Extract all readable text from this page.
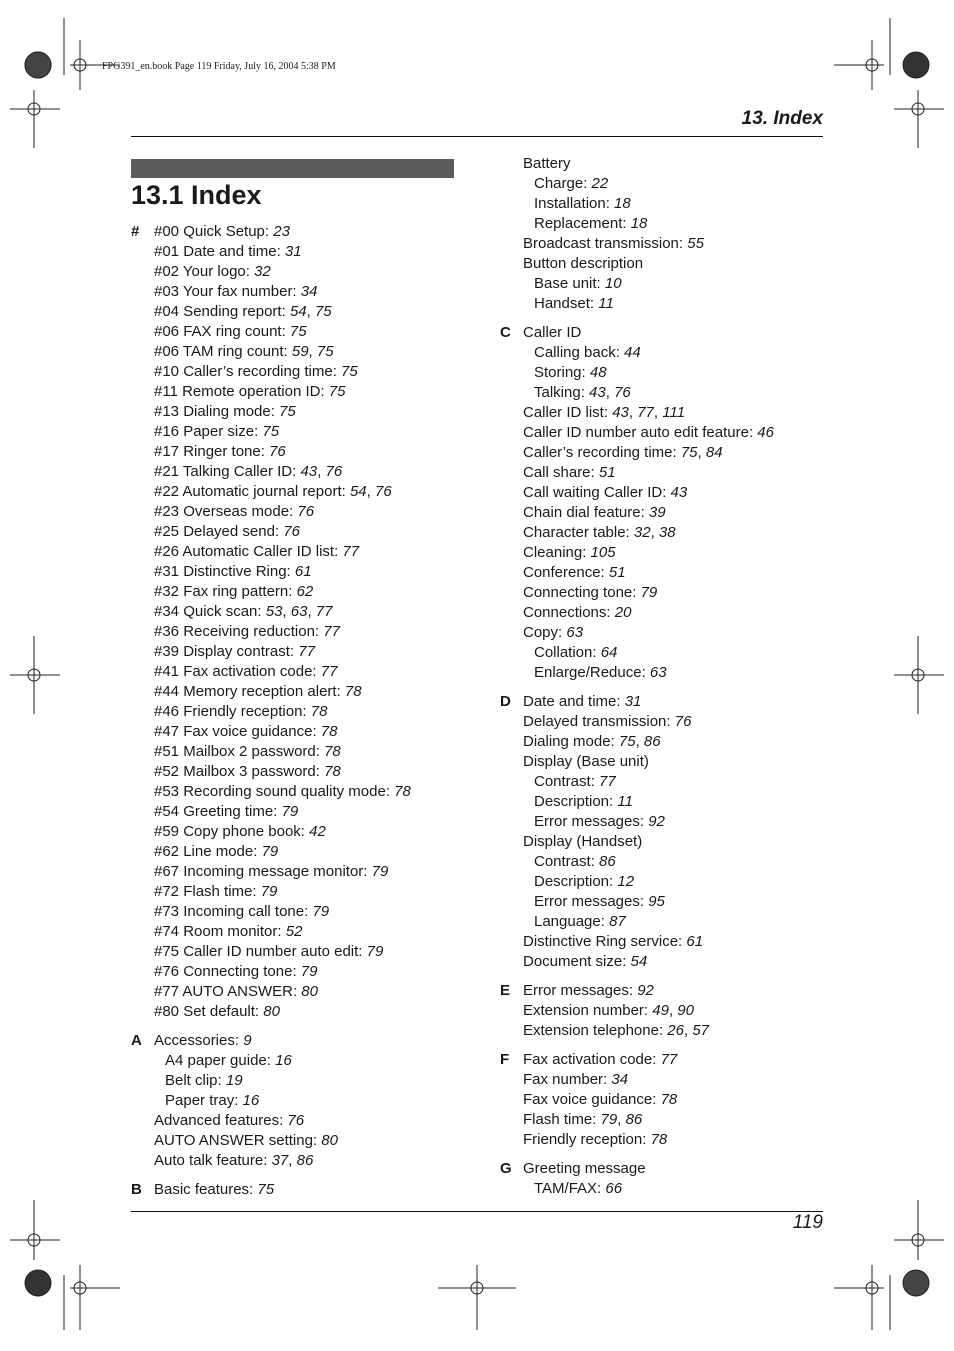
FPG391_en.book Page 119 Friday, July 16, 2004 5:38 PM
13. Index
13.1 Index
# #00 Quick Setup: 23
#01 Date and time: 31
#02 Your logo: 32
#03 Your fax number: 34
#04 Sending report: 54, 75
#06 FAX ring count: 75
#06 TAM ring count: 59, 75
#10 Caller’s recording time: 75
#11 Remote operation ID: 75
#13 Dialing mode: 75
#16 Paper size: 75
#17 Ringer tone: 76
#21 Talking Caller ID: 43, 76
#22 Automatic journal report: 54, 76
#23 Overseas mode: 76
#25 Delayed send: 76
#26 Automatic Caller ID list: 77
#31 Distinctive Ring: 61
#32 Fax ring pattern: 62
#34 Quick scan: 53, 63, 77
#36 Receiving reduction: 77
#39 Display contrast: 77
#41 Fax activation code: 77
#44 Memory reception alert: 78
#46 Friendly reception: 78
#47 Fax voice guidance: 78
#51 Mailbox 2 password: 78
#52 Mailbox 3 password: 78
#53 Recording sound quality mode: 78
#54 Greeting time: 79
#59 Copy phone book: 42
#62 Line mode: 79
#67 Incoming message monitor: 79
#72 Flash time: 79
#73 Incoming call tone: 79
#74 Room monitor: 52
#75 Caller ID number auto edit: 79
#76 Connecting tone: 79
#77 AUTO ANSWER: 80
#80 Set default: 80
A Accessories: 9
A4 paper guide: 16
Belt clip: 19
Paper tray: 16
Advanced features: 76
AUTO ANSWER setting: 80
Auto talk feature: 37, 86
B Basic features: 75
Battery
Charge: 22
Installation: 18
Replacement: 18
Broadcast transmission: 55
Button description
Base unit: 10
Handset: 11
C Caller ID
Calling back: 44
Storing: 48
Talking: 43, 76
Caller ID list: 43, 77, 111
Caller ID number auto edit feature: 46
Caller’s recording time: 75, 84
Call share: 51
Call waiting Caller ID: 43
Chain dial feature: 39
Character table: 32, 38
Cleaning: 105
Conference: 51
Connecting tone: 79
Connections: 20
Copy: 63
Collation: 64
Enlarge/Reduce: 63
D Date and time: 31
Delayed transmission: 76
Dialing mode: 75, 86
Display (Base unit)
Contrast: 77
Description: 11
Error messages: 92
Display (Handset)
Contrast: 86
Description: 12
Error messages: 95
Language: 87
Distinctive Ring service: 61
Document size: 54
E Error messages: 92
Extension number: 49, 90
Extension telephone: 26, 57
F Fax activation code: 77
Fax number: 34
Fax voice guidance: 78
Flash time: 79, 86
Friendly reception: 78
G Greeting message
TAM/FAX: 66
119
